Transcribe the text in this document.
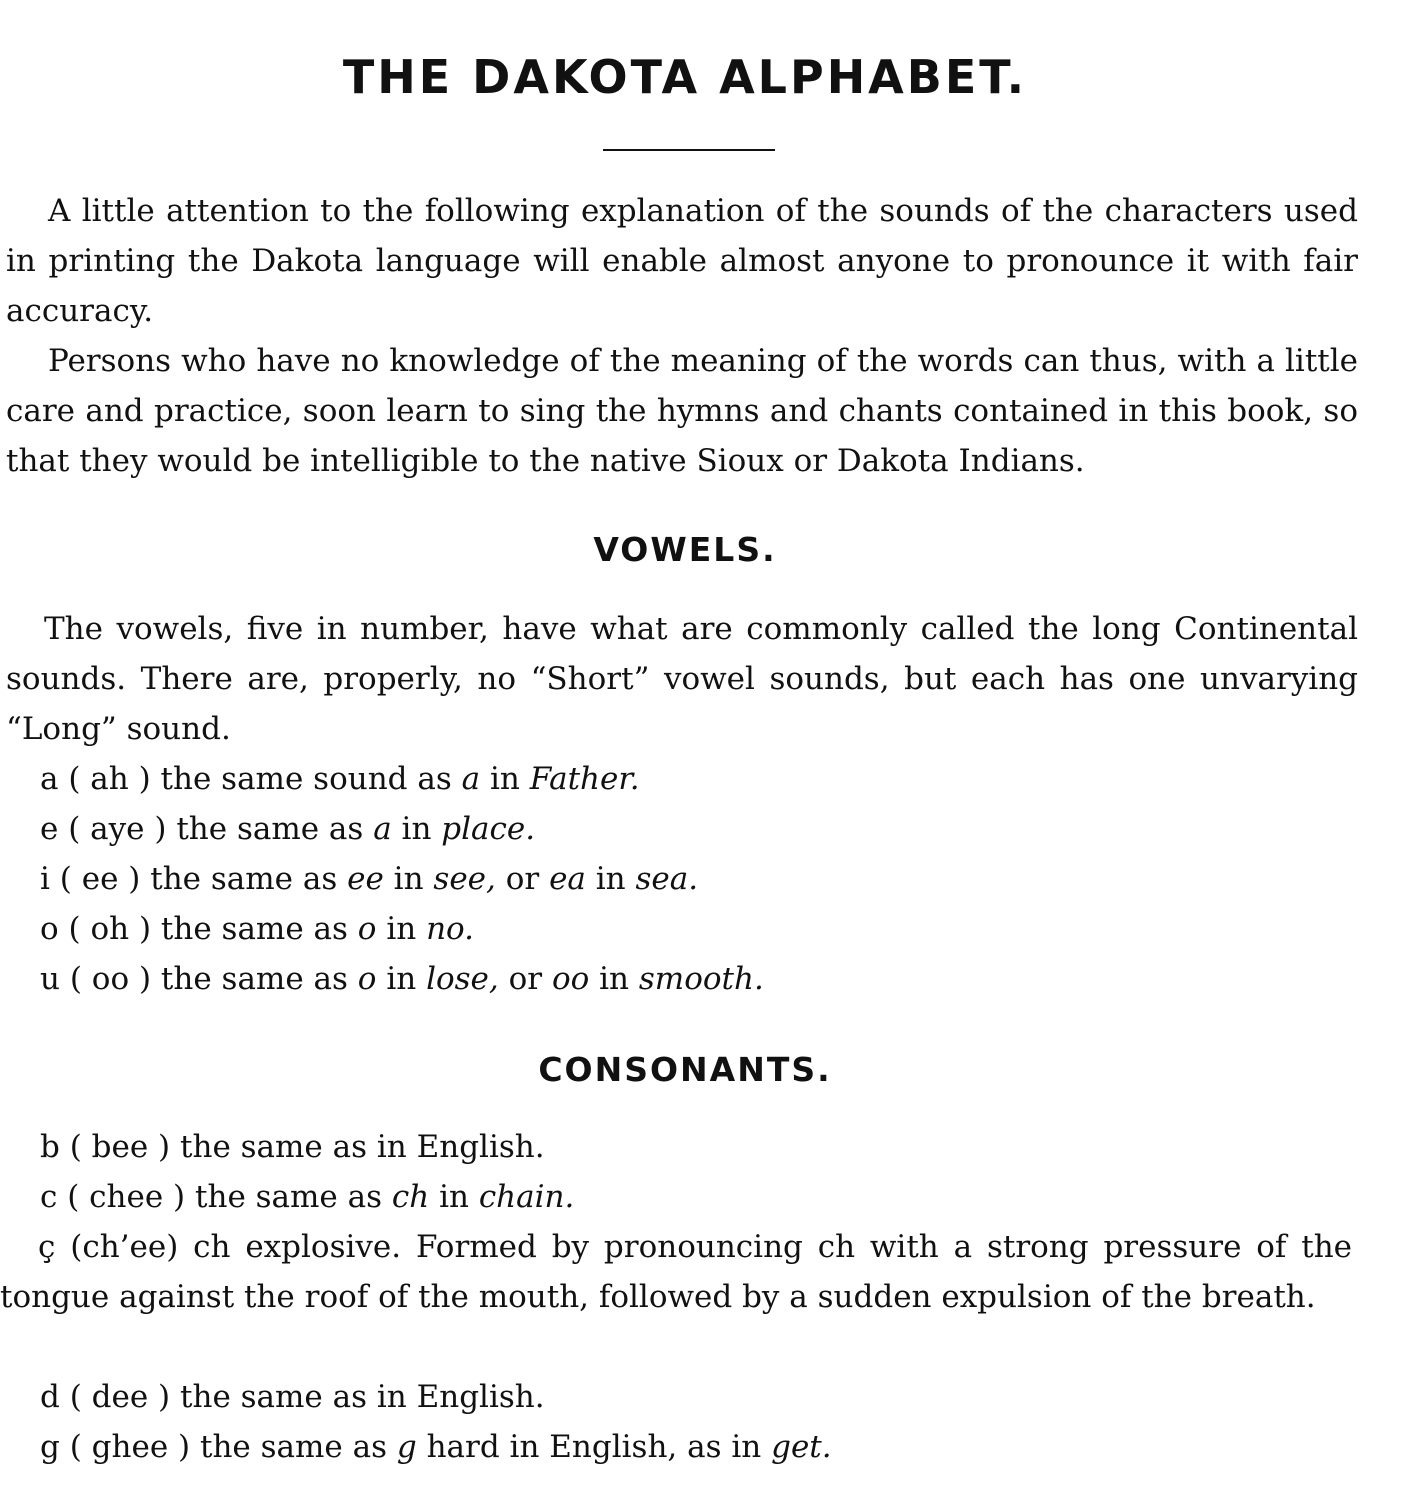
THE DAKOTA ALPHABET.

A little attention to the following explanation of the sounds of the characters used in printing the Dakota language will enable almost anyone to pronounce it with fair accuracy.

Persons who have no knowledge of the meaning of the words can thus, with a little care and practice, soon learn to sing the hymns and chants contained in this book, so that they would be intelligible to the native Sioux or Dakota Indians.

VOWELS.

The vowels, five in number, have what are commonly called the long Continental sounds. There are, properly, no “Short” vowel sounds, but each has one unvarying “Long” sound.

a ( ah ) the same sound as a in Father.
e ( aye ) the same as a in place.
i ( ee ) the same as ee in see, or ea in sea.
o ( oh ) the same as o in no.
u ( oo ) the same as o in lose, or oo in smooth.
CONSONANTS.
b ( bee ) the same as in English.
c ( chee ) the same as ch in chain.

ç (ch’ee) ch explosive. Formed by pronouncing ch with a strong pressure of the tongue against the roof of the mouth, followed by a sudden expulsion of the breath.

d ( dee ) the same as in English.
g ( ghee ) the same as g hard in English, as in get.
